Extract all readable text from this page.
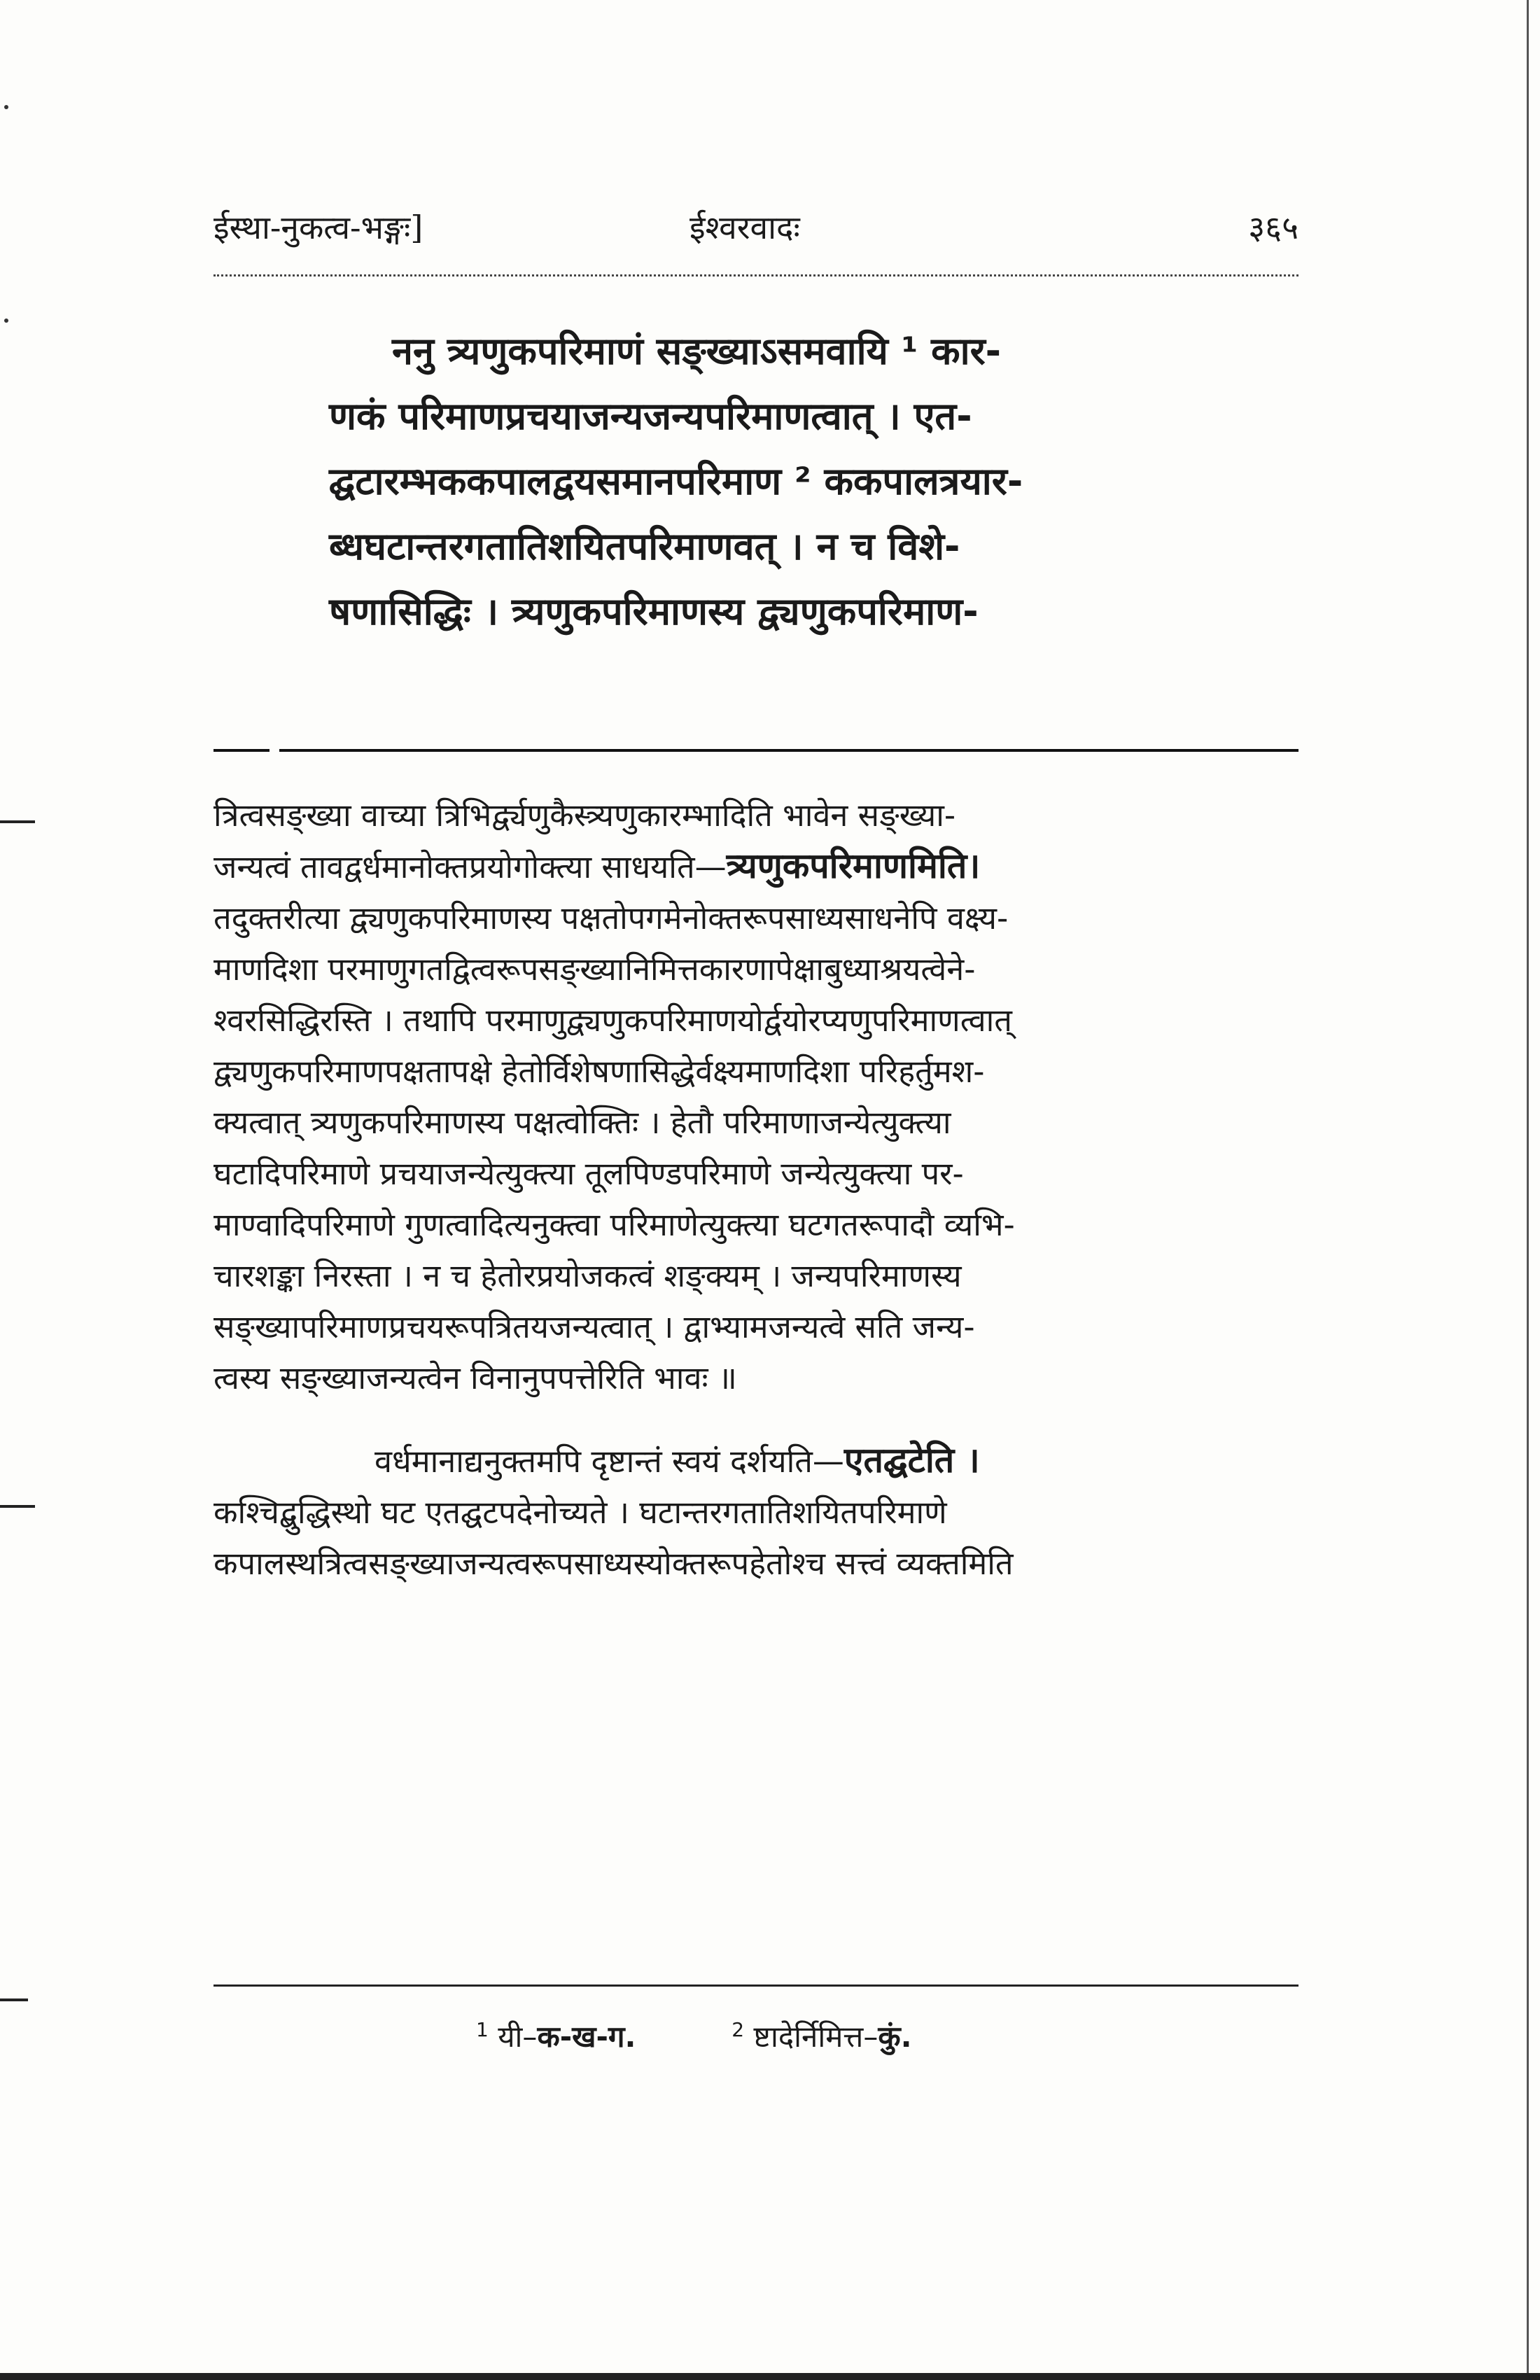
ईस्था-नुकत्व-भङ्गः]	ईश्वरवादः	३६५
ननु त्र्यणुकपरिमाणं सङ्ख्याऽसमवायि ¹ कार-
णकं परिमाणप्रचयाजन्यजन्यपरिमाणत्वात् । एत-
द्घटारम्भककपालद्वयसमानपरिमाण ² ककपालत्रयार-
ब्धघटान्तरगतातिशयितपरिमाणवत् । न च विशे-
षणासिद्धिः । त्र्यणुकपरिमाणस्य द्व्यणुकपरिमाण-
त्रित्वसङ्ख्या वाच्या त्रिभिर्द्व्यणुकैस्त्र्यणुकारम्भादिति भावेन सङ्ख्या-
जन्यत्वं तावद्वर्धमानोक्तप्रयोगोक्त्या साधयति—त्र्यणुकपरिमाणमिति।
तदुक्तरीत्या द्व्यणुकपरिमाणस्य पक्षतोपगमेनोक्तरूपसाध्यसाधनेपि वक्ष्य-
माणदिशा परमाणुगतद्वित्वरूपसङ्ख्यानिमित्तकारणापेक्षाबुध्याश्रयत्वेने-
श्वरसिद्धिरस्ति । तथापि परमाणुद्व्यणुकपरिमाणयोर्द्वयोरप्यणुपरिमाणत्वात्
द्व्यणुकपरिमाणपक्षतापक्षे हेतोर्विशेषणासिद्धेर्वक्ष्यमाणदिशा परिहर्तुमश-
क्यत्वात् त्र्यणुकपरिमाणस्य पक्षत्वोक्तिः । हेतौ परिमाणाजन्येत्युक्त्या
घटादिपरिमाणे प्रचयाजन्येत्युक्त्या तूलपिण्डपरिमाणे जन्येत्युक्त्या पर-
माण्वादिपरिमाणे गुणत्वादित्यनुक्त्वा परिमाणेत्युक्त्या घटगतरूपादौ व्यभि-
चारशङ्का निरस्ता । न च हेतोरप्रयोजकत्वं शङ्क्यम् । जन्यपरिमाणस्य
सङ्ख्यापरिमाणप्रचयरूपत्रितयजन्यत्वात् । द्वाभ्यामजन्यत्वे सति जन्य-
त्वस्य सङ्ख्याजन्यत्वेन विनानुपपत्तेरिति भावः ॥
वर्धमानाद्यनुक्तमपि दृष्टान्तं स्वयं दर्शयति—एतद्घटेति ।
कश्चिद्बुद्धिस्थो घट एतद्घटपदेनोच्यते । घटान्तरगतातिशयितपरिमाणे
कपालस्थत्रित्वसङ्ख्याजन्यत्वरूपसाध्यस्योक्तरूपहेतोश्च सत्त्वं व्यक्तमिति
$^1$ यी–क-ख-ग.	$^2$ ष्टादेर्निमित्त–कुं.
